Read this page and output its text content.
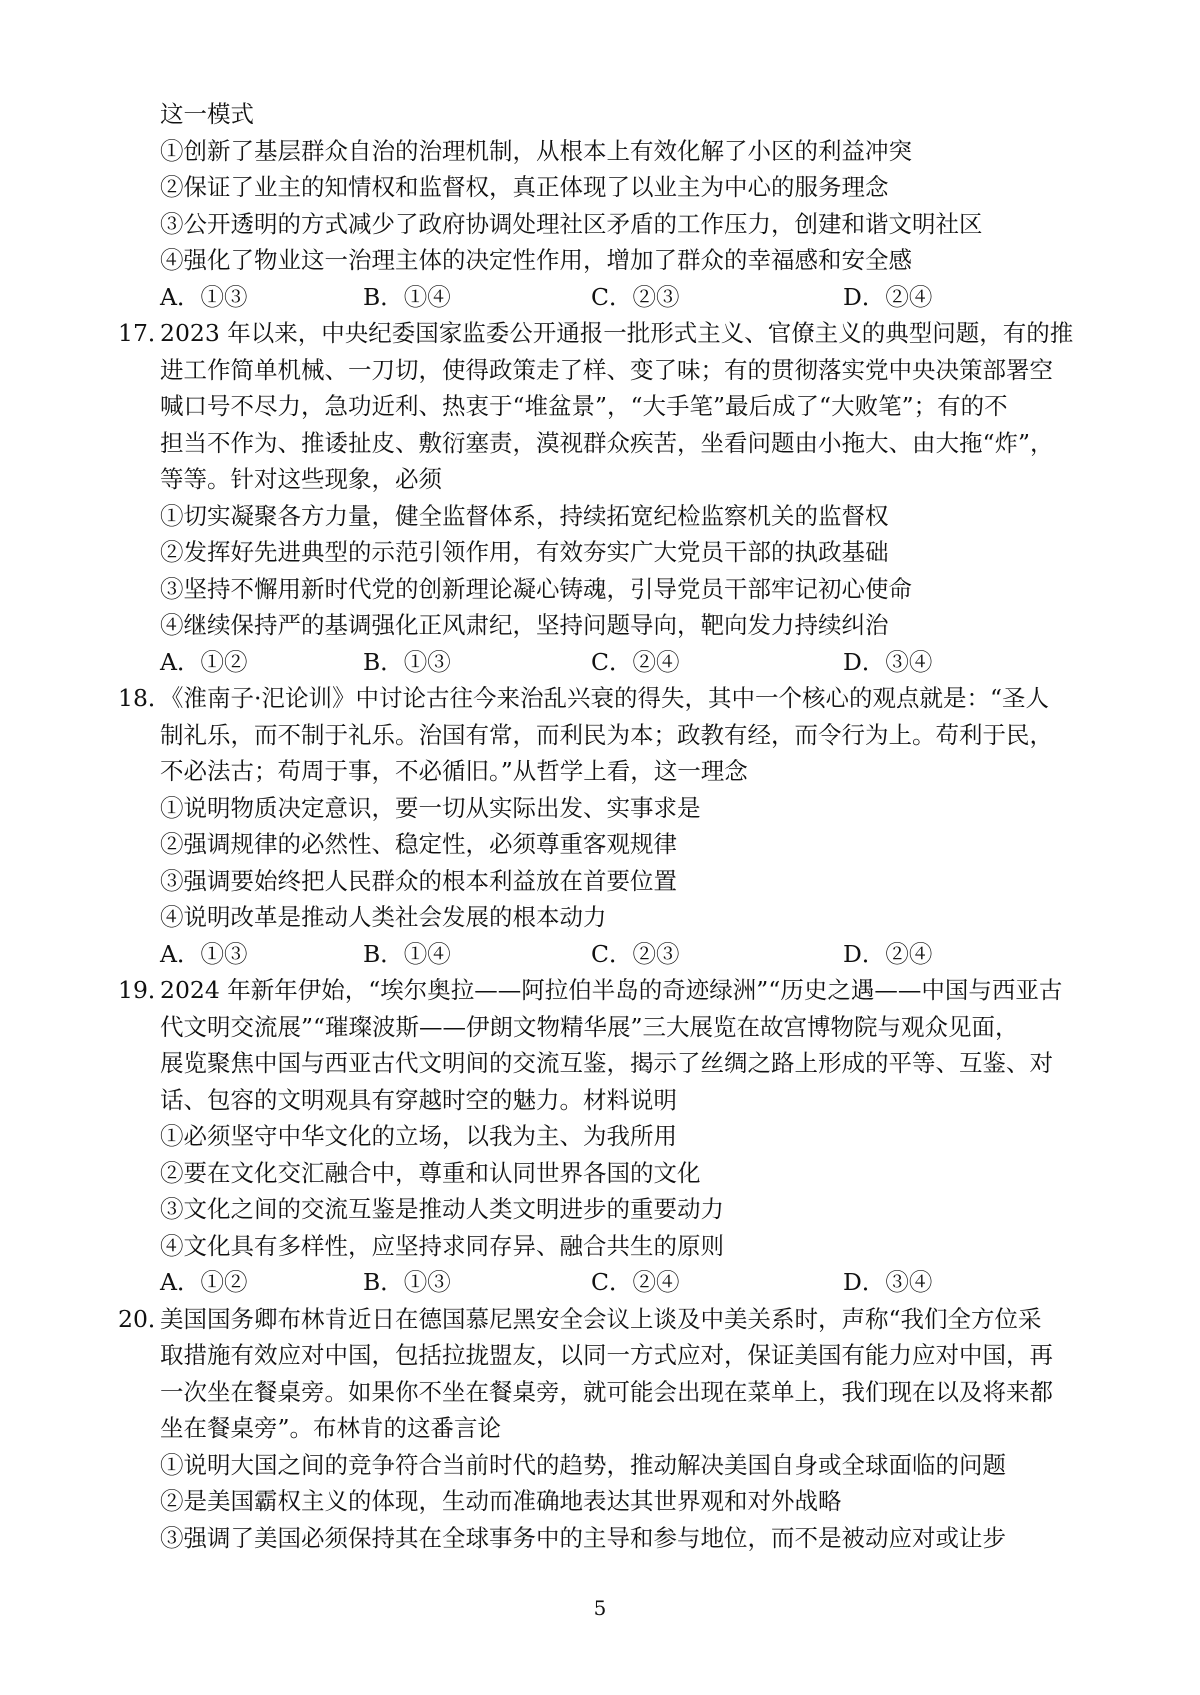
这一模式
①创新了基层群众自治的治理机制，从根本上有效化解了小区的利益冲突
②保证了业主的知情权和监督权，真正体现了以业主为中心的服务理念
③公开透明的方式减少了政府协调处理社区矛盾的工作压力，创建和谐文明社区
④强化了物业这一治理主体的决定性作用，增加了群众的幸福感和安全感
A．①③	B．①④	C．②③	D．②④
17．
2023 年以来，中央纪委国家监委公开通报一批形式主义、官僚主义的典型问题，有的推
进工作简单机械、一刀切，使得政策走了样、变了味；有的贯彻落实党中央决策部署空
喊口号不尽力，急功近利、热衷于“堆盆景”，“大手笔”最后成了“大败笔”；有的不
担当不作为、推诿扯皮、敷衍塞责，漠视群众疾苦，坐看问题由小拖大、由大拖“炸”，
等等。针对这些现象，必须
①切实凝聚各方力量，健全监督体系，持续拓宽纪检监察机关的监督权
②发挥好先进典型的示范引领作用，有效夯实广大党员干部的执政基础
③坚持不懈用新时代党的创新理论凝心铸魂，引导党员干部牢记初心使命
④继续保持严的基调强化正风肃纪，坚持问题导向，靶向发力持续纠治
A．①②	B．①③	C．②④	D．③④
18．
《淮南子·汜论训》中讨论古往今来治乱兴衰的得失，其中一个核心的观点就是：“圣人
制礼乐，而不制于礼乐。治国有常，而利民为本；政教有经，而令行为上。苟利于民，
不必法古；苟周于事，不必循旧。”从哲学上看，这一理念
①说明物质决定意识，要一切从实际出发、实事求是
②强调规律的必然性、稳定性，必须尊重客观规律
③强调要始终把人民群众的根本利益放在首要位置
④说明改革是推动人类社会发展的根本动力
A．①③	B．①④	C．②③	D．②④
19．
2024 年新年伊始，“埃尔奥拉——阿拉伯半岛的奇迹绿洲”“历史之遇——中国与西亚古
代文明交流展”“璀璨波斯——伊朗文物精华展”三大展览在故宫博物院与观众见面，
展览聚焦中国与西亚古代文明间的交流互鉴，揭示了丝绸之路上形成的平等、互鉴、对
话、包容的文明观具有穿越时空的魅力。材料说明
①必须坚守中华文化的立场，以我为主、为我所用
②要在文化交汇融合中，尊重和认同世界各国的文化
③文化之间的交流互鉴是推动人类文明进步的重要动力
④文化具有多样性，应坚持求同存异、融合共生的原则
A．①②	B．①③	C．②④	D．③④
20．
美国国务卿布林肯近日在德国慕尼黑安全会议上谈及中美关系时，声称“我们全方位采
取措施有效应对中国，包括拉拢盟友，以同一方式应对，保证美国有能力应对中国，再
一次坐在餐桌旁。如果你不坐在餐桌旁，就可能会出现在菜单上，我们现在以及将来都
坐在餐桌旁”。布林肯的这番言论
①说明大国之间的竞争符合当前时代的趋势，推动解决美国自身或全球面临的问题
②是美国霸权主义的体现，生动而准确地表达其世界观和对外战略
③强调了美国必须保持其在全球事务中的主导和参与地位，而不是被动应对或让步
5
